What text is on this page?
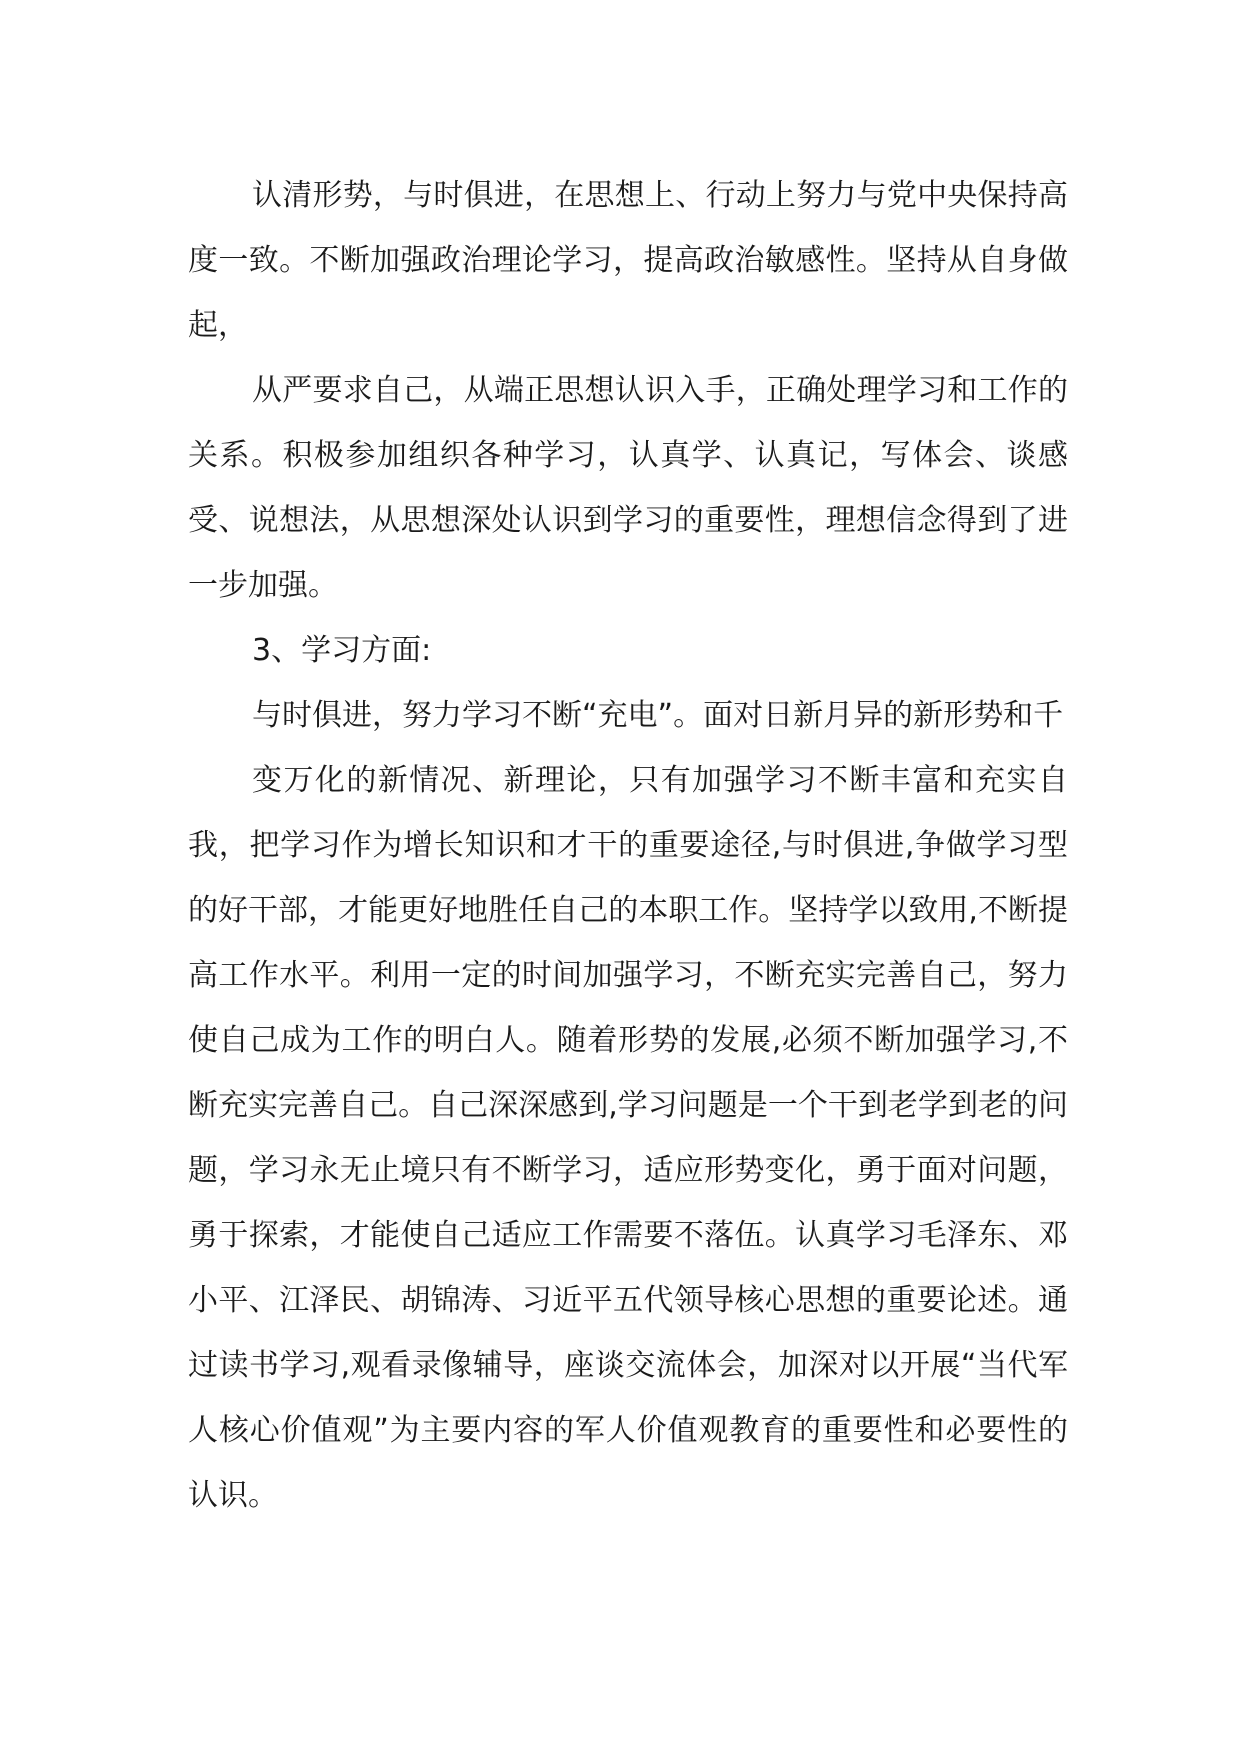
认清形势，与时俱进，在思想上、行动上努力与党中央保持高度一致。不断加强政治理论学习，提高政治敏感性。坚持从自身做起，

从严要求自己，从端正思想认识入手，正确处理学习和工作的关系。积极参加组织各种学习，认真学、认真记，写体会、谈感受、说想法，从思想深处认识到学习的重要性，理想信念得到了进一步加强。

3、学习方面:

与时俱进，努力学习不断“充电”。面对日新月异的新形势和千

变万化的新情况、新理论，只有加强学习不断丰富和充实自我，把学习作为增长知识和才干的重要途径,与时俱进,争做学习型的好干部，才能更好地胜任自己的本职工作。坚持学以致用,不断提高工作水平。利用一定的时间加强学习，不断充实完善自己，努力使自己成为工作的明白人。随着形势的发展,必须不断加强学习,不断充实完善自己。自己深深感到,学习问题是一个干到老学到老的问题，学习永无止境只有不断学习，适应形势变化，勇于面对问题，勇于探索，才能使自己适应工作需要不落伍。认真学习毛泽东、邓小平、江泽民、胡锦涛、习近平五代领导核心思想的重要论述。通过读书学习,观看录像辅导，座谈交流体会，加深对以开展“当代军人核心价值观”为主要内容的军人价值观教育的重要性和必要性的认识。
